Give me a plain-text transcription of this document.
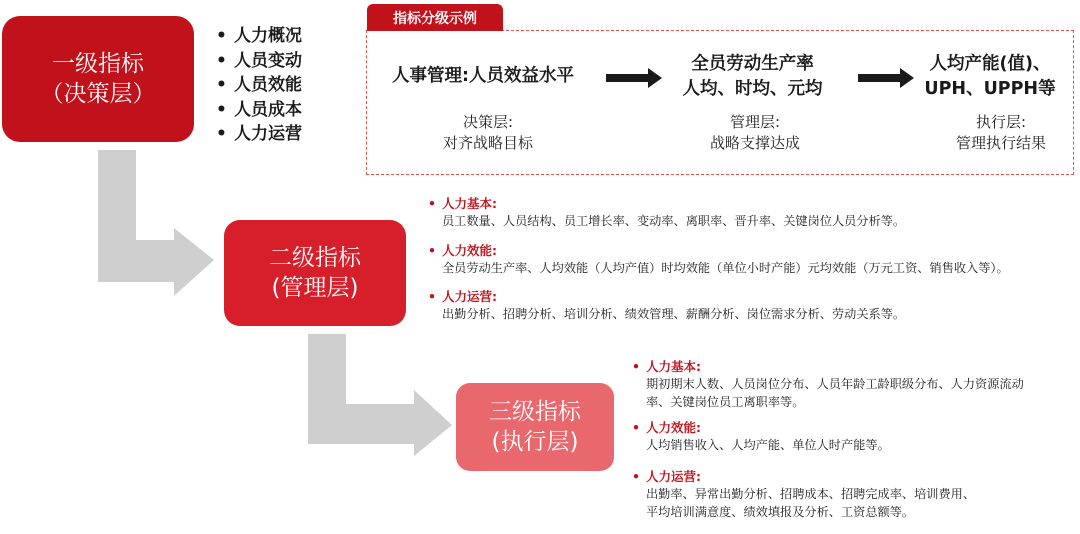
一级指标
（决策层）
二级指标
(管理层)
三级指标
(执行层)
• 人力概况
• 人员变动
• 人员效能
• 人员成本
• 人力运营
指标分级示例
人事管理:人员效益水平
决策层:
对齐战略目标
全员劳动生产率
人均、时均、元均
管理层:
战略支撑达成
人均产能(值)、
UPH、UPPH等
执行层:
管理执行结果
• 人力基本:
员工数量、人员结构、员工增长率、变动率、离职率、晋升率、关键岗位人员分析等。
• 人力效能:
全员劳动生产率、人均效能（人均产值）时均效能（单位小时产能）元均效能（万元工资、销售收入等）。
• 人力运营:
出勤分析、招聘分析、培训分析、绩效管理、薪酬分析、岗位需求分析、劳动关系等。
• 人力基本:
期初期末人数、人员岗位分布、人员年龄工龄职级分布、人力资源流动
率、关键岗位员工离职率等。
• 人力效能:
人均销售收入、人均产能、单位人时产能等。
• 人力运营:
出勤率、异常出勤分析、招聘成本、招聘完成率、培训费用、
平均培训满意度、绩效填报及分析、工资总额等。
